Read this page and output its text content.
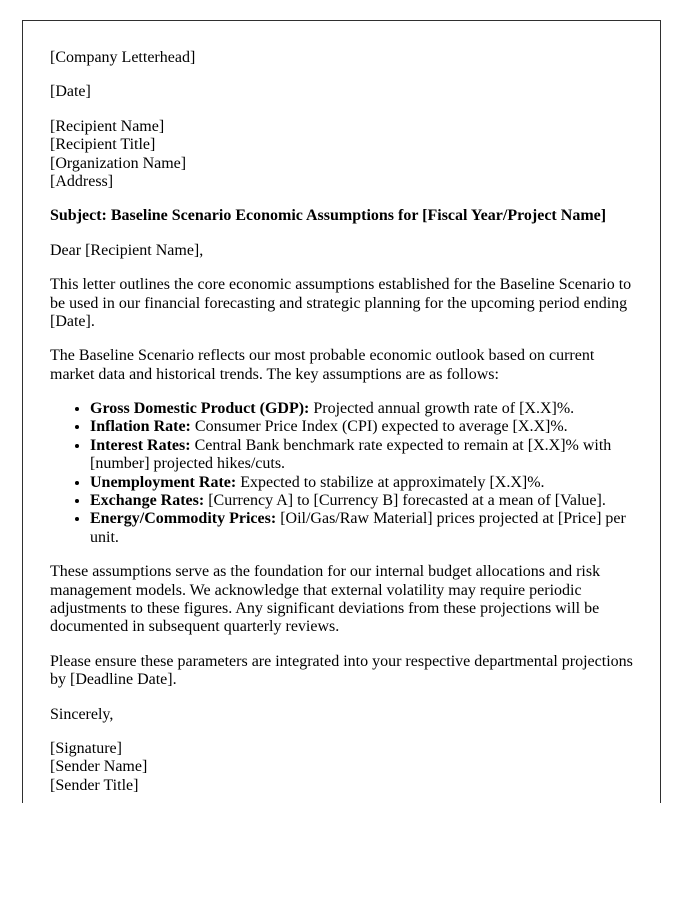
[Company Letterhead]

[Date]

[Recipient Name]
[Recipient Title]
[Organization Name]
[Address]

Subject: Baseline Scenario Economic Assumptions for [Fiscal Year/Project Name]

Dear [Recipient Name],

This letter outlines the core economic assumptions established for the Baseline Scenario to be used in our financial forecasting and strategic planning for the upcoming period ending [Date].

The Baseline Scenario reflects our most probable economic outlook based on current market data and historical trends. The key assumptions are as follows:

• Gross Domestic Product (GDP): Projected annual growth rate of [X.X]%.
• Inflation Rate: Consumer Price Index (CPI) expected to average [X.X]%.
• Interest Rates: Central Bank benchmark rate expected to remain at [X.X]% with [number] projected hikes/cuts.
• Unemployment Rate: Expected to stabilize at approximately [X.X]%.
• Exchange Rates: [Currency A] to [Currency B] forecasted at a mean of [Value].
• Energy/Commodity Prices: [Oil/Gas/Raw Material] prices projected at [Price] per unit.

These assumptions serve as the foundation for our internal budget allocations and risk management models. We acknowledge that external volatility may require periodic adjustments to these figures. Any significant deviations from these projections will be documented in subsequent quarterly reviews.

Please ensure these parameters are integrated into your respective departmental projections by [Deadline Date].

Sincerely,

[Signature]
[Sender Name]
[Sender Title]
